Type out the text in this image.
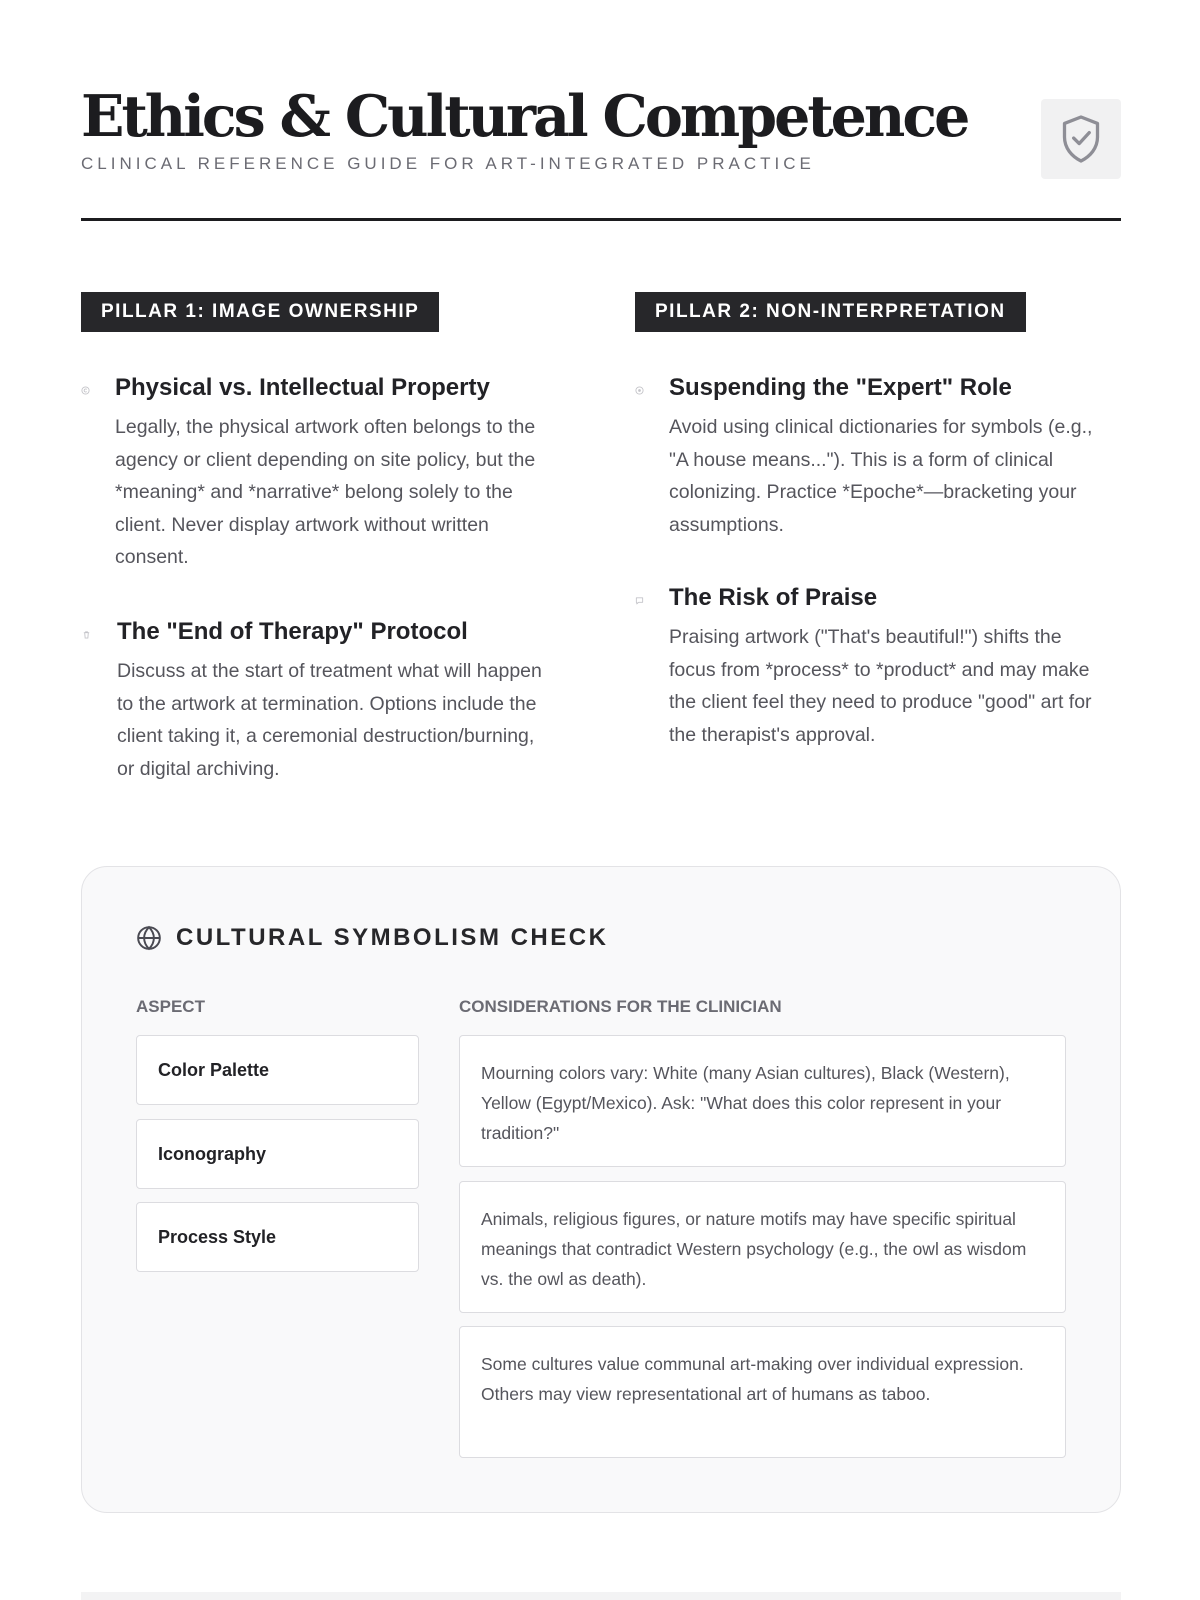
Ethics & Cultural Competence
CLINICAL REFERENCE GUIDE FOR ART-INTEGRATED PRACTICE
PILLAR 1: IMAGE OWNERSHIP
Physical vs. Intellectual Property
Legally, the physical artwork often belongs to the agency or client depending on site policy, but the *meaning* and *narrative* belong solely to the client. Never display artwork without written consent.
The "End of Therapy" Protocol
Discuss at the start of treatment what will happen to the artwork at termination. Options include the client taking it, a ceremonial destruction/burning, or digital archiving.
PILLAR 2: NON-INTERPRETATION
Suspending the "Expert" Role
Avoid using clinical dictionaries for symbols (e.g., "A house means..."). This is a form of clinical colonizing. Practice *Epoche*—bracketing your assumptions.
The Risk of Praise
Praising artwork ("That's beautiful!") shifts the focus from *process* to *product* and may make the client feel they need to produce "good" art for the therapist's approval.
CULTURAL SYMBOLISM CHECK
ASPECT	CONSIDERATIONS FOR THE CLINICIAN
Color Palette
Iconography
Process Style
Mourning colors vary: White (many Asian cultures), Black (Western), Yellow (Egypt/Mexico). Ask: "What does this color represent in your tradition?"
Animals, religious figures, or nature motifs may have specific spiritual meanings that contradict Western psychology (e.g., the owl as wisdom vs. the owl as death).
Some cultures value communal art-making over individual expression. Others may view representational art of humans as taboo.
